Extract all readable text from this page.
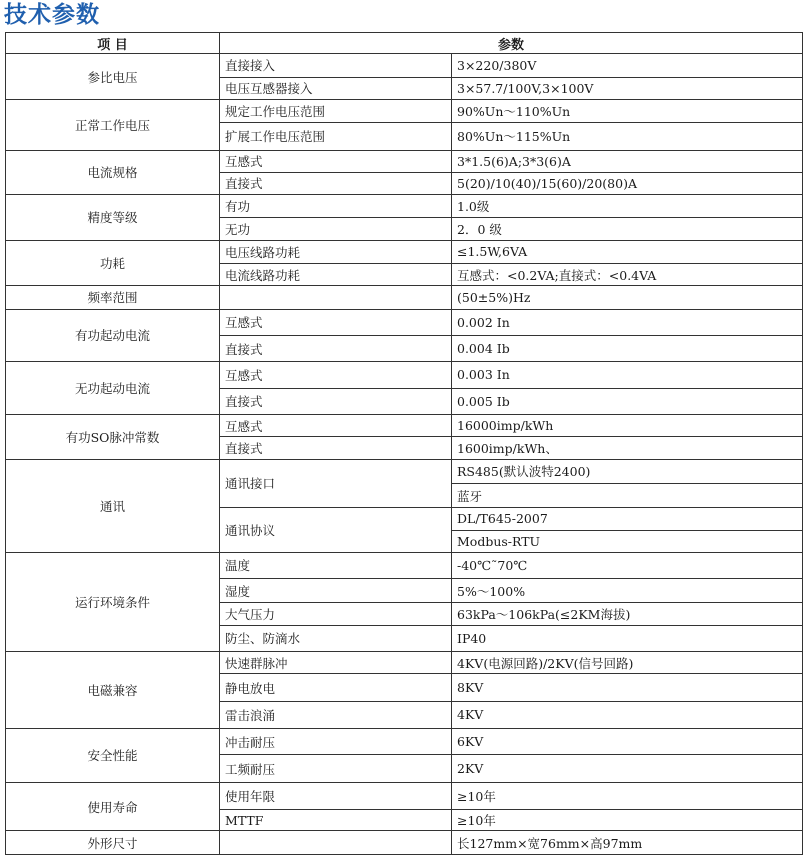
技术参数
项 目	参数	
参比电压	直接接入	3×220/380V
	电压互感器接入	3×57.7/100V,3×100V
正常工作电压	规定工作电压范围	90%Un～110%Un
	扩展工作电压范围	80%Un～115%Un
电流规格	互感式	3*1.5(6)A;3*3(6)A
	直接式	5(20)/10(40)/15(60)/20(80)A
精度等级	有功	1.0级
	无功	2．0 级
功耗	电压线路功耗	≤1.5W,6VA
	电流线路功耗	互感式：<0.2VA;直接式：<0.4VA
频率范围		(50±5%)Hz
有功起动电流	互感式	0.002 In
	直接式	0.004 Ib
无功起动电流	互感式	0.003 In
	直接式	0.005 Ib
有功SO脉冲常数	互感式	16000imp/kWh
	直接式	1600imp/kWh、
通讯	通讯接口	RS485(默认波特2400)
		蓝牙
	通讯协议	DL/T645-2007
		Modbus-RTU
运行环境条件	温度	-40℃˜70℃
	湿度	5%～100%
	大气压力	63kPa～106kPa(≤2KM海拔)
	防尘、防滴水	IP40
电磁兼容	快速群脉冲	4KV(电源回路)/2KV(信号回路)
	静电放电	8KV
	雷击浪涌	4KV
安全性能	冲击耐压	6KV
	工频耐压	2KV
使用寿命	使用年限	≥10年
	MTTF	≥10年
外形尺寸		长127mm×宽76mm×高97mm
